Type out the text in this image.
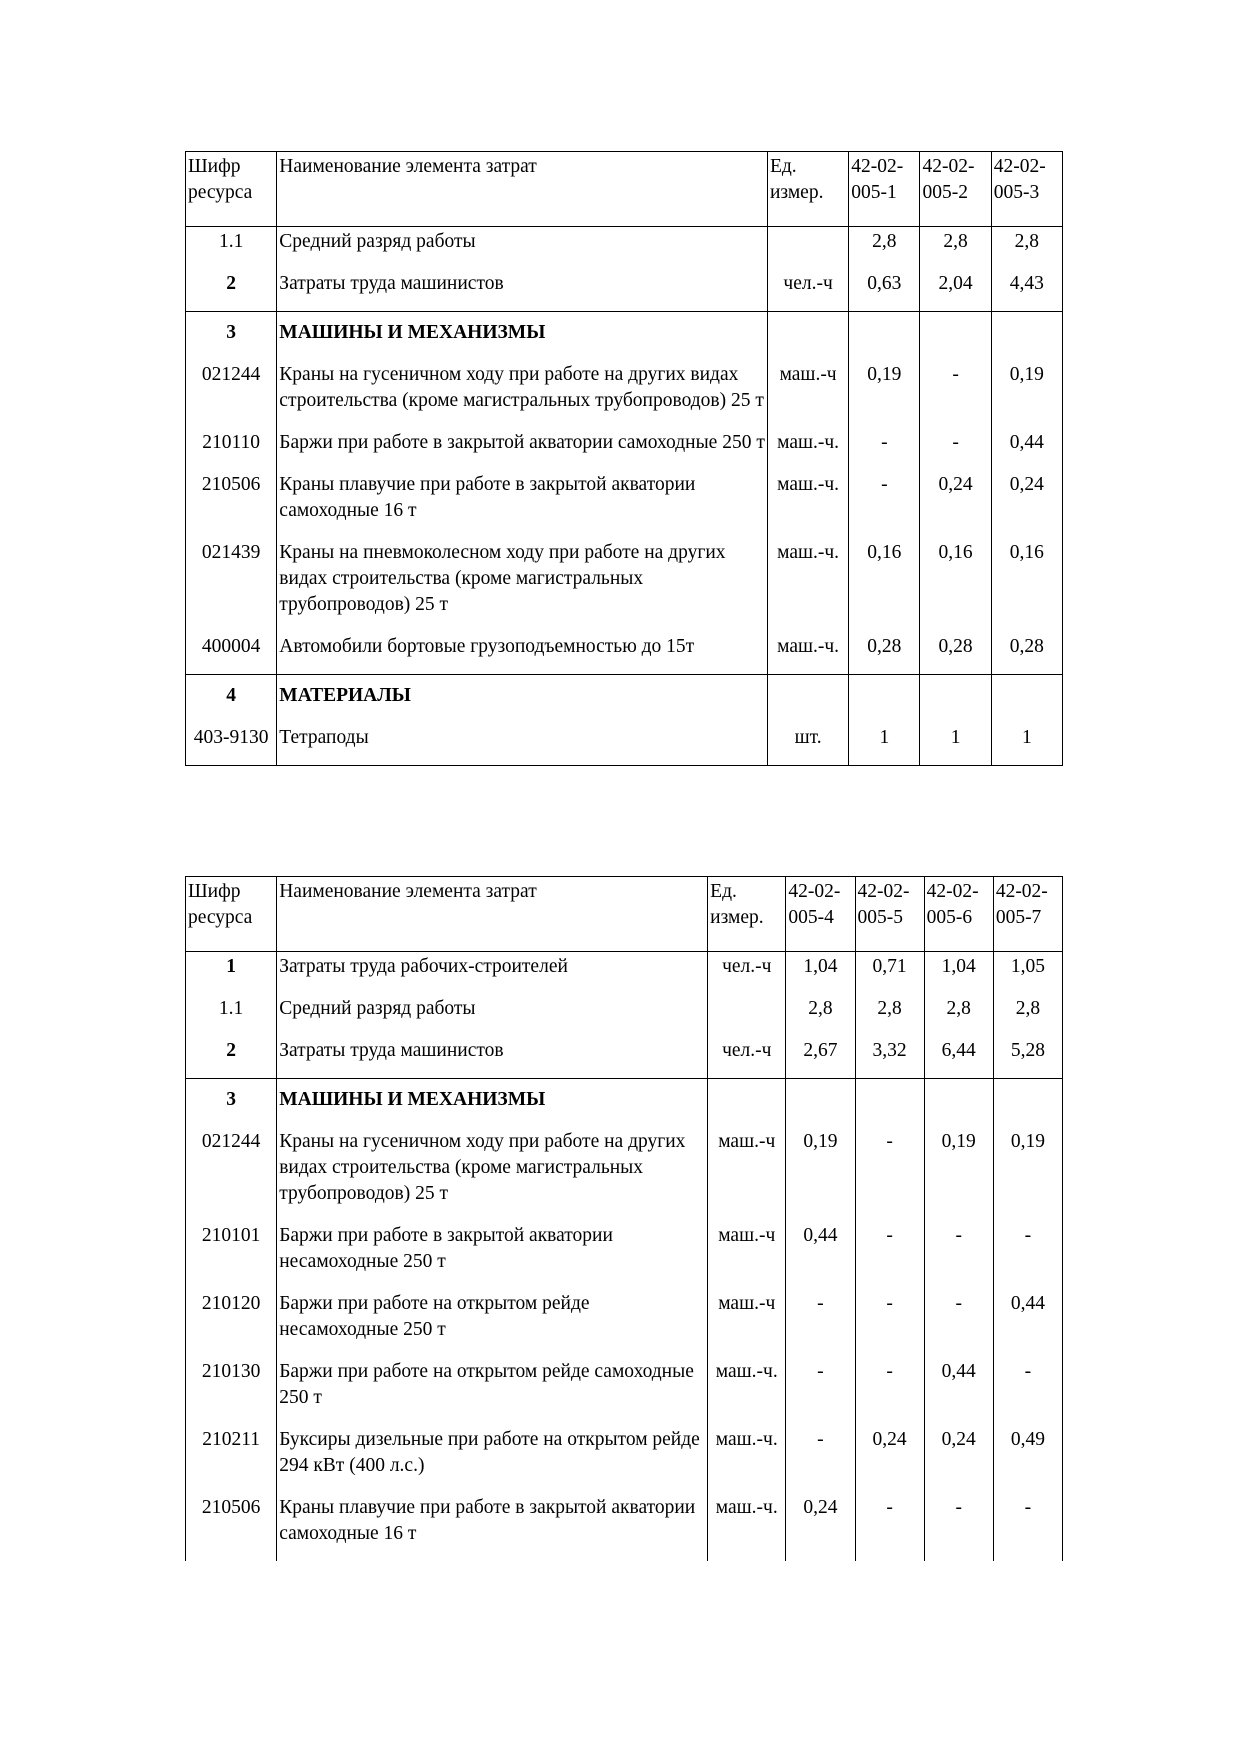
Шифр ресурса	Наименование элемента затрат	Ед. измер.	42-02-005-1	42-02-005-2	42-02-005-3
1.1	Средний разряд работы		2,8	2,8	2,8
2	Затраты труда машинистов	чел.-ч	0,63	2,04	4,43
3	МАШИНЫ И МЕХАНИЗМЫ				
021244	Краны на гусеничном ходу при работе на других видах строительства (кроме магистральных трубопроводов) 25 т	маш.-ч	0,19	-	0,19
210110	Баржи при работе в закрытой акватории самоходные 250 т	маш.-ч.	-	-	0,44
210506	Краны плавучие при работе в закрытой акватории самоходные 16 т	маш.-ч.	-	0,24	0,24
021439	Краны на пневмоколесном ходу при работе на других видах строительства (кроме магистральных трубопроводов) 25 т	маш.-ч.	0,16	0,16	0,16
400004	Автомобили бортовые грузоподъемностью до 15т	маш.-ч.	0,28	0,28	0,28
4	МАТЕРИАЛЫ				
403-9130	Тетраподы	шт.	1	1	1
Шифр ресурса	Наименование элемента затрат	Ед. измер.	42-02-005-4	42-02-005-5	42-02-005-6	42-02-005-7
1	Затраты труда рабочих-строителей	чел.-ч	1,04	0,71	1,04	1,05
1.1	Средний разряд работы		2,8	2,8	2,8	2,8
2	Затраты труда машинистов	чел.-ч	2,67	3,32	6,44	5,28
3	МАШИНЫ И МЕХАНИЗМЫ					
021244	Краны на гусеничном ходу при работе на других видах строительства (кроме магистральных трубопроводов) 25 т	маш.-ч	0,19	-	0,19	0,19
210101	Баржи при работе в закрытой акватории несамоходные 250 т	маш.-ч	0,44	-	-	-
210120	Баржи при работе на открытом рейде несамоходные 250 т	маш.-ч	-	-	-	0,44
210130	Баржи при работе на открытом рейде самоходные 250 т	маш.-ч.	-	-	0,44	-
210211	Буксиры дизельные при работе на открытом рейде 294 кВт (400 л.с.)	маш.-ч.	-	0,24	0,24	0,49
210506	Краны плавучие при работе в закрытой акватории самоходные 16 т	маш.-ч.	0,24	-	-	-
